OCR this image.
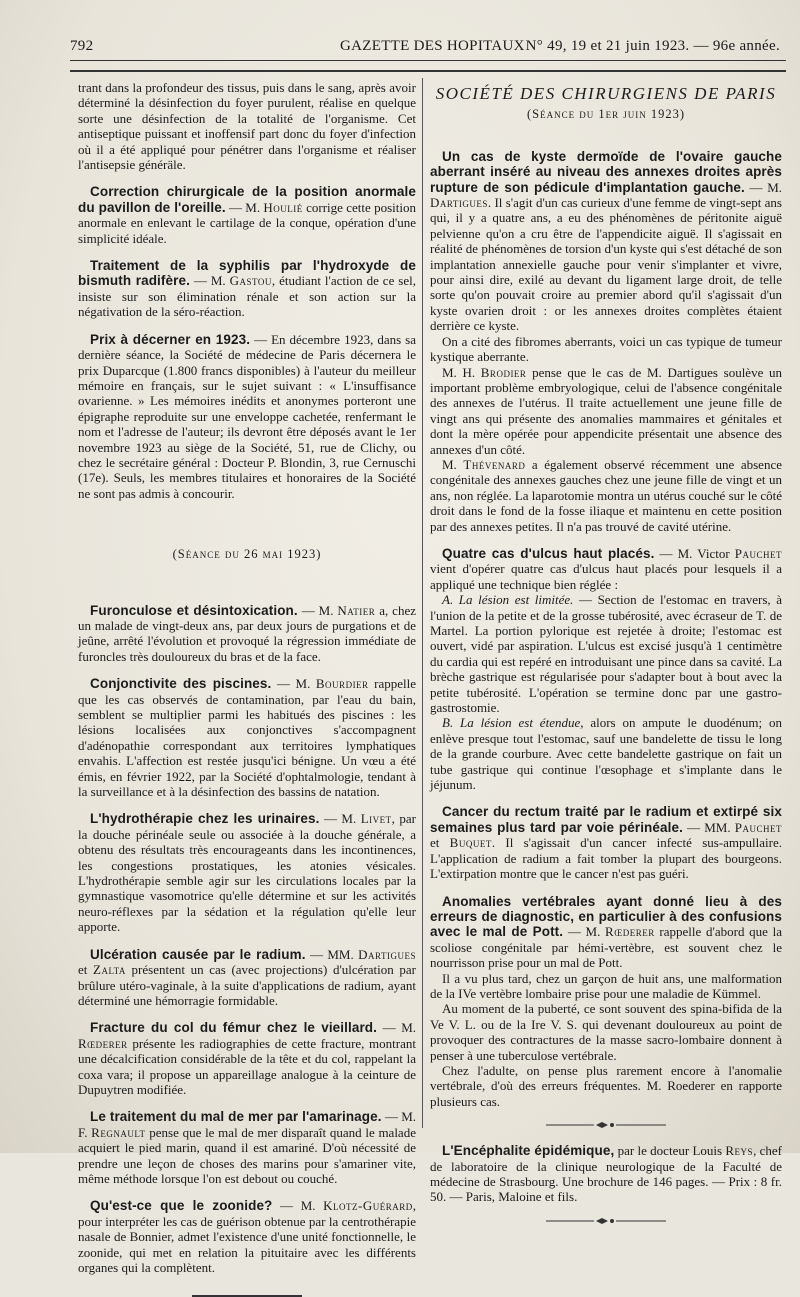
792	GAZETTE DES HOPITAUX N° 49, 19 et 21 juin 1923. — 96e année.

trant dans la profondeur des tissus, puis dans le sang, après avoir déterminé la désinfection du foyer purulent, réalise en quelque sorte une désinfection de la totalité de l'organisme. Cet antiseptique puissant et inoffensif part donc du foyer d'infection où il a été appliqué pour pénétrer dans l'organisme et réaliser l'antisepsie généräle.

Correction chirurgicale de la position anormale du pavillon de l'oreille. — M. Houlié corrige cette position anormale en enlevant le cartilage de la conque, opération d'une simplicité idéale.

Traitement de la syphilis par l'hydroxyde de bismuth radifère. — M. Gastou, étudiant l'action de ce sel, insiste sur son élimination rénale et son action sur la négativation de la séro-réaction.

Prix à décerner en 1923. — En décembre 1923, dans sa dernière séance, la Société de médecine de Paris décernera le prix Duparcque (1.800 francs disponibles) à l'auteur du meilleur mémoire en français, sur le sujet suivant : « L'insuffisance ovarienne. » Les mémoires inédits et anonymes porteront une épigraphe reproduite sur une enveloppe cachetée, renfermant le nom et l'adresse de l'auteur; ils devront être déposés avant le 1er novembre 1923 au siège de la Société, 51, rue de Clichy, ou chez le secrétaire général : Docteur P. Blondin, 3, rue Cernuschi (17e). Seuls, les membres titulaires et honoraires de la Société ne sont pas admis à concourir.

(Séance du 26 mai 1923)

Furonculose et désintoxication. — M. Natier a, chez un malade de vingt-deux ans, par deux jours de purgations et de jeûne, arrêté l'évolution et provoqué la régression immédiate de furoncles très douloureux du bras et de la face.

Conjonctivite des piscines. — M. Bourdier rappelle que les cas observés de contamination, par l'eau du bain, semblent se multiplier parmi les habitués des piscines : les lésions localisées aux conjonctives s'accompagnent d'adénopathie correspondant aux territoires lymphatiques envahis. L'affection est restée jusqu'ici bénigne. Un vœu a été émis, en février 1922, par la Société d'ophtalmologie, tendant à la surveillance et à la désinfection des bassins de natation.

L'hydrothérapie chez les urinaires. — M. Livet, par la douche périnéale seule ou associée à la douche générale, a obtenu des résultats très encourageants dans les incontinences, les congestions prostatiques, les atonies vésicales. L'hydrothérapie semble agir sur les circulations locales par la gymnastique vasomotrice qu'elle détermine et sur les activités neuro-réflexes par la sédation et la régulation qu'elle leur apporte.

Ulcération causée par le radium. — MM. Dartigues et Zalta présentent un cas (avec projections) d'ulcération par brûlure utéro-vaginale, à la suite d'applications de radium, ayant déterminé une hémorragie formidable.

Fracture du col du fémur chez le vieillard. — M. Rœderer présente les radiographies de cette fracture, montrant une décalcification considérable de la tête et du col, rappelant la coxa vara; il propose un appareillage analogue à la ceinture de Dupuytren modifiée.

Le traitement du mal de mer par l'amarinage. — M. F. Regnault pense que le mal de mer disparaît quand le malade acquiert le pied marin, quand il est amariné. D'où nécessité de prendre une leçon de choses des marins pour s'amariner vite, même méthode lorsque l'on est debout ou couché.

Qu'est-ce que le zoonide? — M. Klotz-Guérard, pour interpréter les cas de guérison obtenue par la centrothérapie nasale de Bonnier, admet l'existence d'une unité fonctionnelle, le zoonide, qui met en relation la pituitaire avec les différents organes qui la complètent.

SOCIÉTÉ DES CHIRURGIENS DE PARIS
(Séance du 1er juin 1923)

Un cas de kyste dermoïde de l'ovaire gauche aberrant inséré au niveau des annexes droites après rupture de son pédicule d'implantation gauche. — M. Dartigues. Il s'agit d'un cas curieux d'une femme de vingt-sept ans qui, il y a quatre ans, a eu des phénomènes de péritonite aiguë pelvienne qu'on a cru être de l'appendicite aiguë. Il s'agissait en réalité de phénomènes de torsion d'un kyste qui s'est détaché de son implantation annexielle gauche pour venir s'implanter et vivre, pour ainsi dire, exilé au devant du ligament large droit, de telle sorte qu'on pouvait croire au premier abord qu'il s'agissait d'un kyste ovarien droit : or les annexes droites complètes étaient derrière ce kyste.

On a cité des fibromes aberrants, voici un cas typique de tumeur kystique aberrante.

M. H. Brodier pense que le cas de M. Dartigues soulève un important problème embryologique, celui de l'absence congénitale des annexes de l'utérus. Il traite actuellement une jeune fille de vingt ans qui présente des anomalies mammaires et génitales et dont la mère opérée pour appendicite présentait une absence des annexes d'un côté.

M. Thévenard a également observé récemment une absence congénitale des annexes gauches chez une jeune fille de vingt et un ans, non réglée. La laparotomie montra un utérus couché sur le côté droit dans le fond de la fosse iliaque et maintenu en cette position par des annexes petites. Il n'a pas trouvé de cavité utérine.

Quatre cas d'ulcus haut placés. — M. Victor Pauchet vient d'opérer quatre cas d'ulcus haut placés pour lesquels il a appliqué une technique bien réglée :

A. La lésion est limitée. — Section de l'estomac en travers, à l'union de la petite et de la grosse tubérosité, avec écraseur de T. de Martel. La portion pylorique est rejetée à droite; l'estomac est ouvert, vidé par aspiration. L'ulcus est excisé jusqu'à 1 centimètre du cardia qui est repéré en introduisant une pince dans sa cavité. La brèche gastrique est régularisée pour s'adapter bout à bout avec la petite tubérosité. L'opération se termine donc par une gastro-gastrostomie.

B. La lésion est étendue, alors on ampute le duodénum; on enlève presque tout l'estomac, sauf une bandelette de tissu le long de la grande courbure. Avec cette bandelette gastrique on fait un tube gastrique qui continue l'œsophage et s'implante dans le jéjunum.

Cancer du rectum traité par le radium et extirpé six semaines plus tard par voie périnéale. — MM. Pauchet et Buquet. Il s'agissait d'un cancer infecté sus-ampullaire. L'application de radium a fait tomber la plupart des bourgeons. L'extirpation montre que le cancer n'est pas guéri.

Anomalies vertébrales ayant donné lieu à des erreurs de diagnostic, en particulier à des confusions avec le mal de Pott. — M. Rœderer rappelle d'abord que la scoliose congénitale par hémi-vertèbre, est souvent chez le nourrisson prise pour un mal de Pott.

Il a vu plus tard, chez un garçon de huit ans, une malformation de la IVe vertèbre lombaire prise pour une maladie de Kümmel.

Au moment de la puberté, ce sont souvent des spina-bifida de la Ve V. L. ou de la Ire V. S. qui devenant douloureux au point de provoquer des contractures de la masse sacro-lombaire donnent à penser à une tuberculose vertébrale.

Chez l'adulte, on pense plus rarement encore à l'anomalie vertébrale, d'où des erreurs fréquentes. M. Roederer en rapporte plusieurs cas.

L'Encéphalite épidémique, par le docteur Louis Reys, chef de laboratoire de la clinique neurologique de la Faculté de médecine de Strasbourg. Une brochure de 146 pages. — Prix : 8 fr. 50. — Paris, Maloine et fils.
